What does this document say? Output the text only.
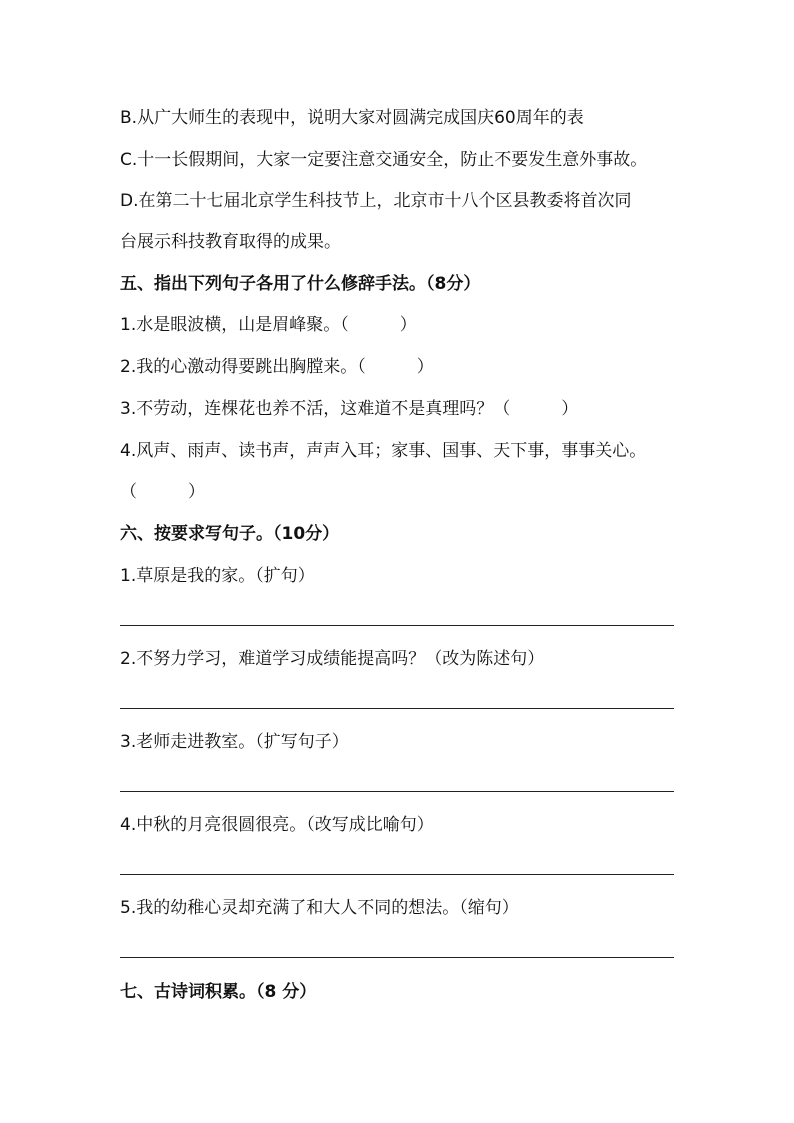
B.从广大师生的表现中，说明大家对圆满完成国庆60周年的表
C.十一长假期间，大家一定要注意交通安全，防止不要发生意外事故。
D.在第二十七届北京学生科技节上，北京市十八个区县教委将首次同
台展示科技教育取得的成果。
五、指出下列句子各用了什么修辞手法。（8分）
1.水是眼波横，山是眉峰聚。（　　　）
2.我的心激动得要跳出胸膛来。（　　　）
3.不劳动，连棵花也养不活，这难道不是真理吗？（　　　）
4.风声、雨声、读书声，声声入耳；家事、国事、天下事，事事关心。
（　　　）
六、按要求写句子。（10分）
1.草原是我的家。（扩句）
2.不努力学习，难道学习成绩能提高吗？（改为陈述句）
3.老师走进教室。（扩写句子）
4.中秋的月亮很圆很亮。（改写成比喻句）
5.我的幼稚心灵却充满了和大人不同的想法。（缩句）
七、古诗词积累。（8 分）
